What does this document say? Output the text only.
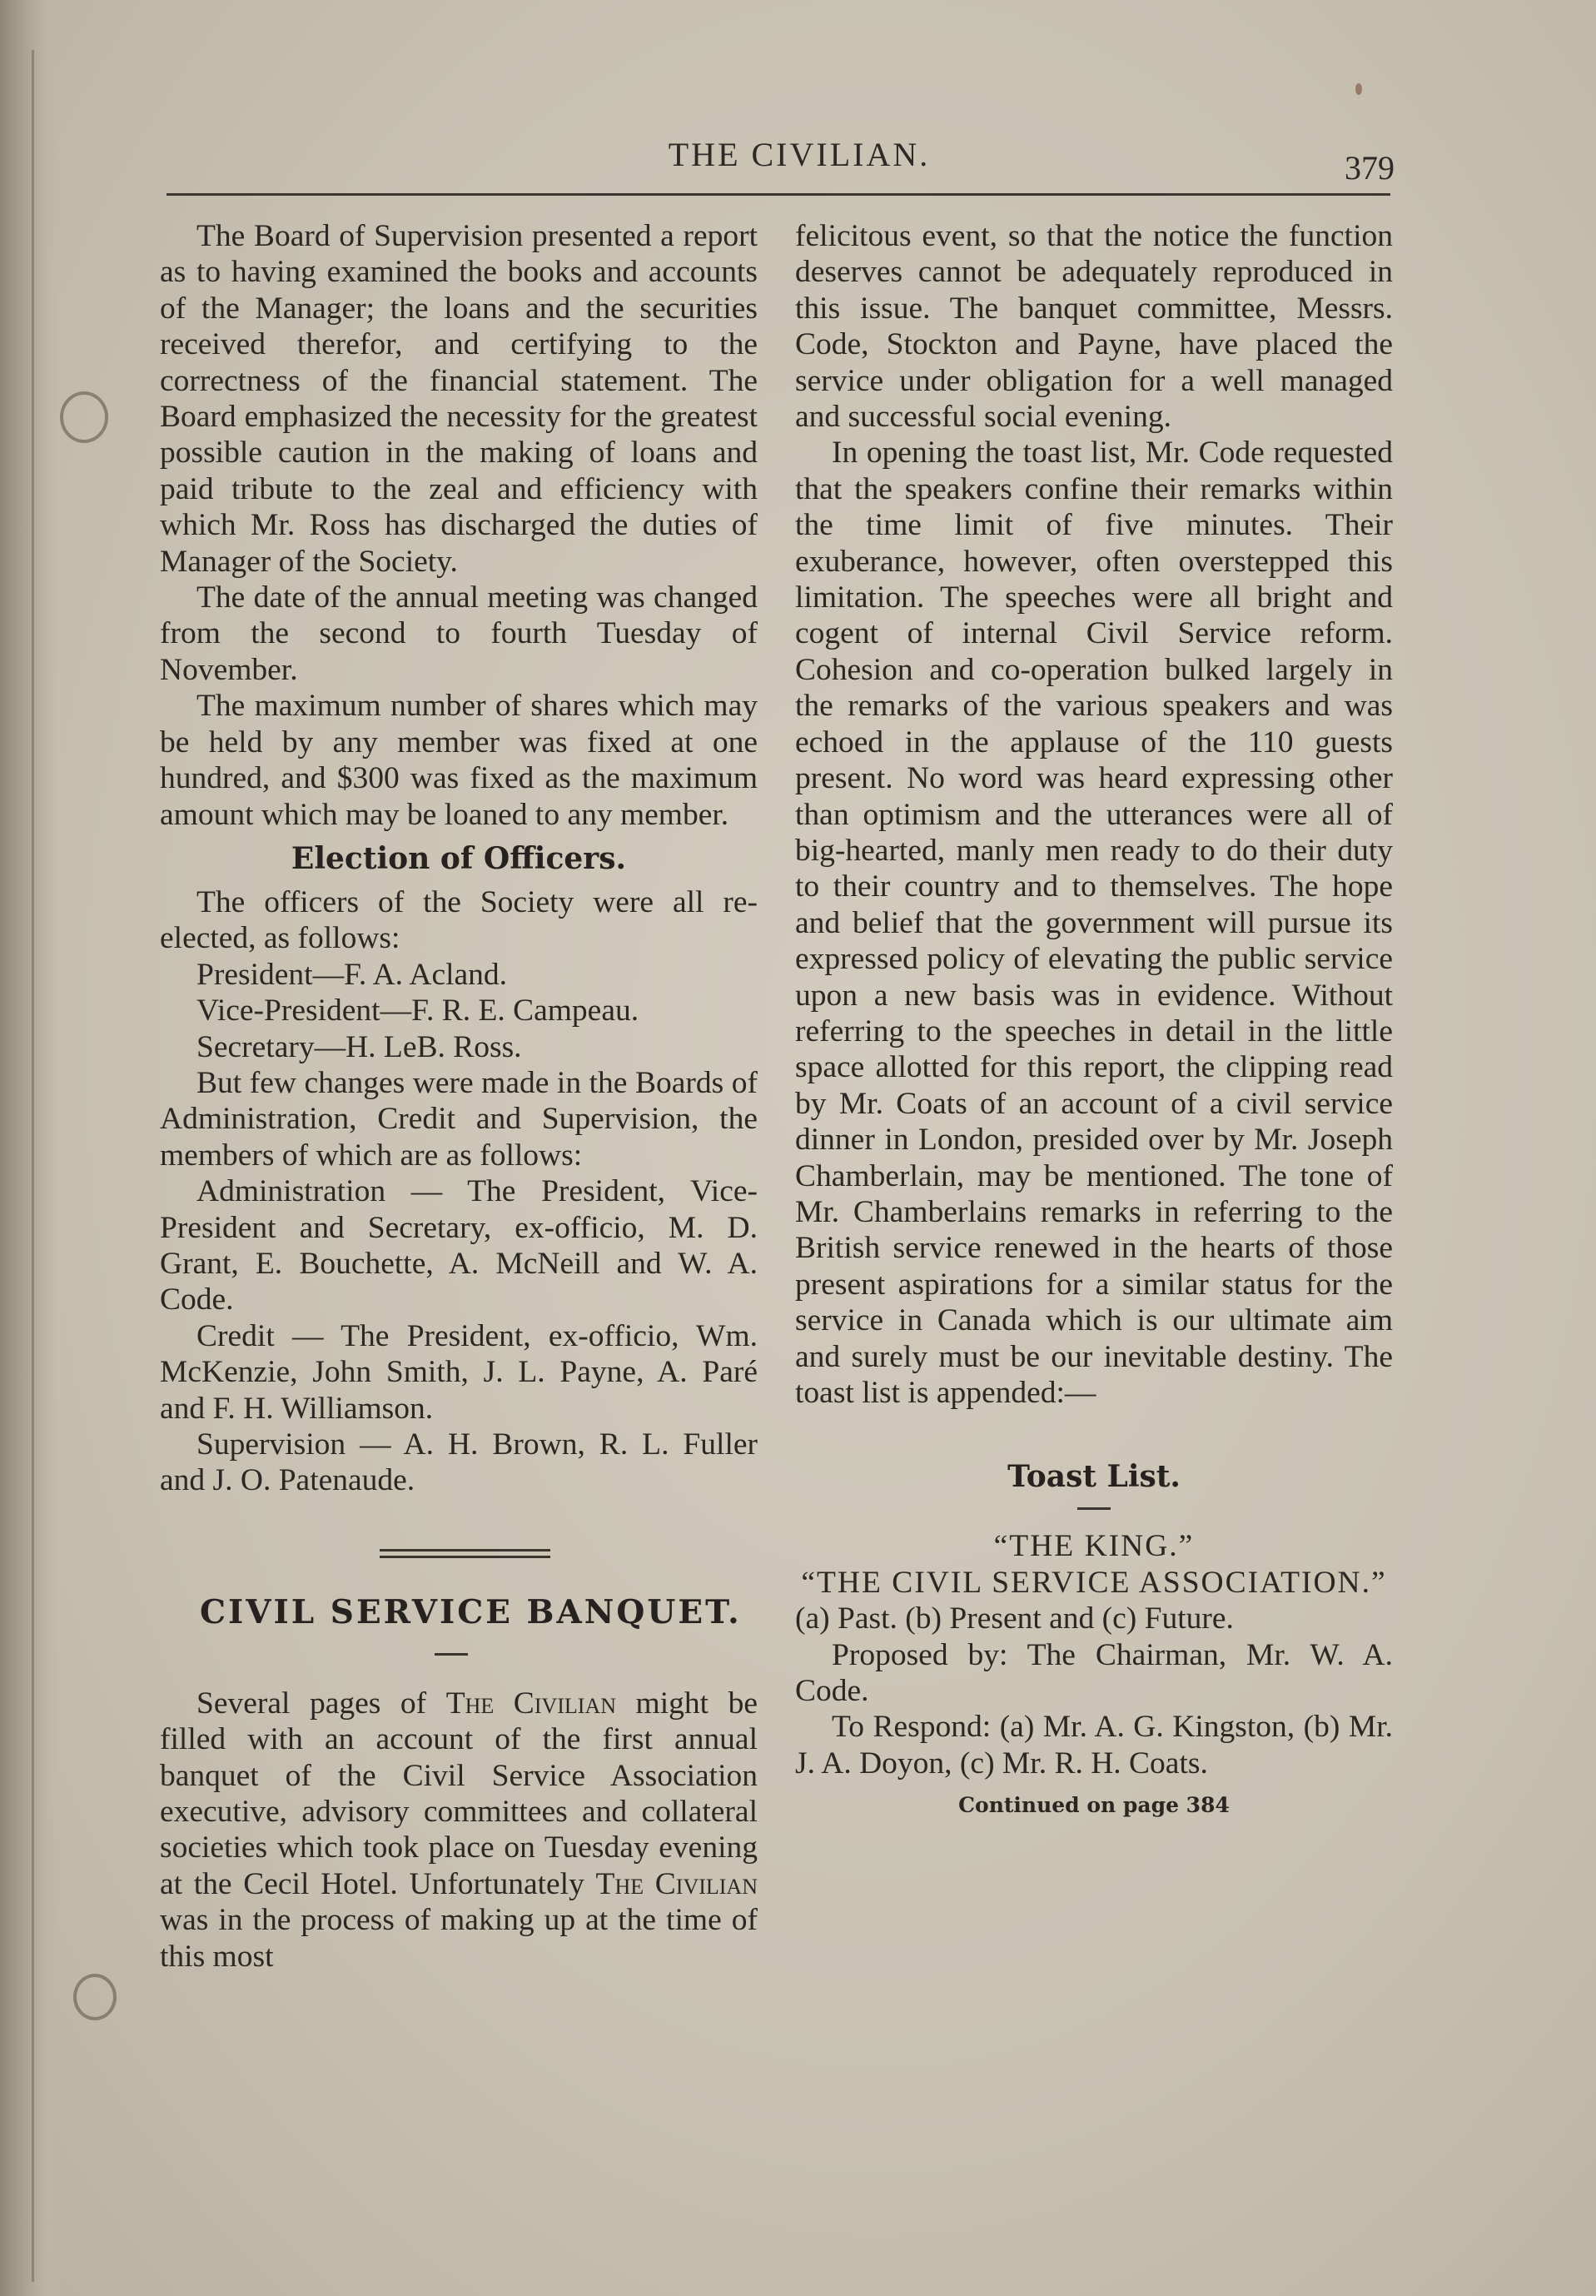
THE CIVILIAN.	379

The Board of Supervision presented a report as to having examined the books and accounts of the Manager; the loans and the securities received therefor, and certifying to the correctness of the financial statement. The Board emphasized the necessity for the greatest possible caution in the making of loans and paid tribute to the zeal and efficiency with which Mr. Ross has discharged the duties of Manager of the Society.

The date of the annual meeting was changed from the second to fourth Tuesday of November.

The maximum number of shares which may be held by any member was fixed at one hundred, and $300 was fixed as the maximum amount which may be loaned to any member.

Election of Officers.

The officers of the Society were all re-elected, as follows:

President—F. A. Acland.

Vice-President—F. R. E. Campeau.

Secretary—H. LeB. Ross.

But few changes were made in the Boards of Administration, Credit and Supervision, the members of which are as follows:

Administration — The President, Vice-President and Secretary, ex-officio, M. D. Grant, E. Bouchette, A. McNeill and W. A. Code.

Credit — The President, ex-officio, Wm. McKenzie, John Smith, J. L. Payne, A. Paré and F. H. Williamson.

Supervision — A. H. Brown, R. L. Fuller and J. O. Patenaude.

CIVIL SERVICE BANQUET.

Several pages of The Civilian might be filled with an account of the first annual banquet of the Civil Service Association executive, advisory committees and collateral societies which took place on Tuesday evening at the Cecil Hotel. Unfortunately The Civilian was in the process of making up at the time of this most

felicitous event, so that the notice the function deserves cannot be adequately reproduced in this issue. The banquet committee, Messrs. Code, Stockton and Payne, have placed the service under obligation for a well managed and successful social evening.

In opening the toast list, Mr. Code requested that the speakers confine their remarks within the time limit of five minutes. Their exuberance, however, often overstepped this limitation. The speeches were all bright and cogent of internal Civil Service reform. Cohesion and co-operation bulked largely in the remarks of the various speakers and was echoed in the applause of the 110 guests present. No word was heard expressing other than optimism and the utterances were all of big-hearted, manly men ready to do their duty to their country and to themselves. The hope and belief that the government will pursue its expressed policy of elevating the public service upon a new basis was in evidence. Without referring to the speeches in detail in the little space allotted for this report, the clipping read by Mr. Coats of an account of a civil service dinner in London, presided over by Mr. Joseph Chamberlain, may be mentioned. The tone of Mr. Chamberlains remarks in referring to the British service renewed in the hearts of those present aspirations for a similar status for the service in Canada which is our ultimate aim and surely must be our inevitable destiny. The toast list is appended:—

Toast List.

“THE KING.”

“THE CIVIL SERVICE ASSOCIATION.”

(a) Past. (b) Present and (c) Future.

Proposed by: The Chairman, Mr. W. A. Code.

To Respond: (a) Mr. A. G. Kingston, (b) Mr. J. A. Doyon, (c) Mr. R. H. Coats.

Continued on page 384
